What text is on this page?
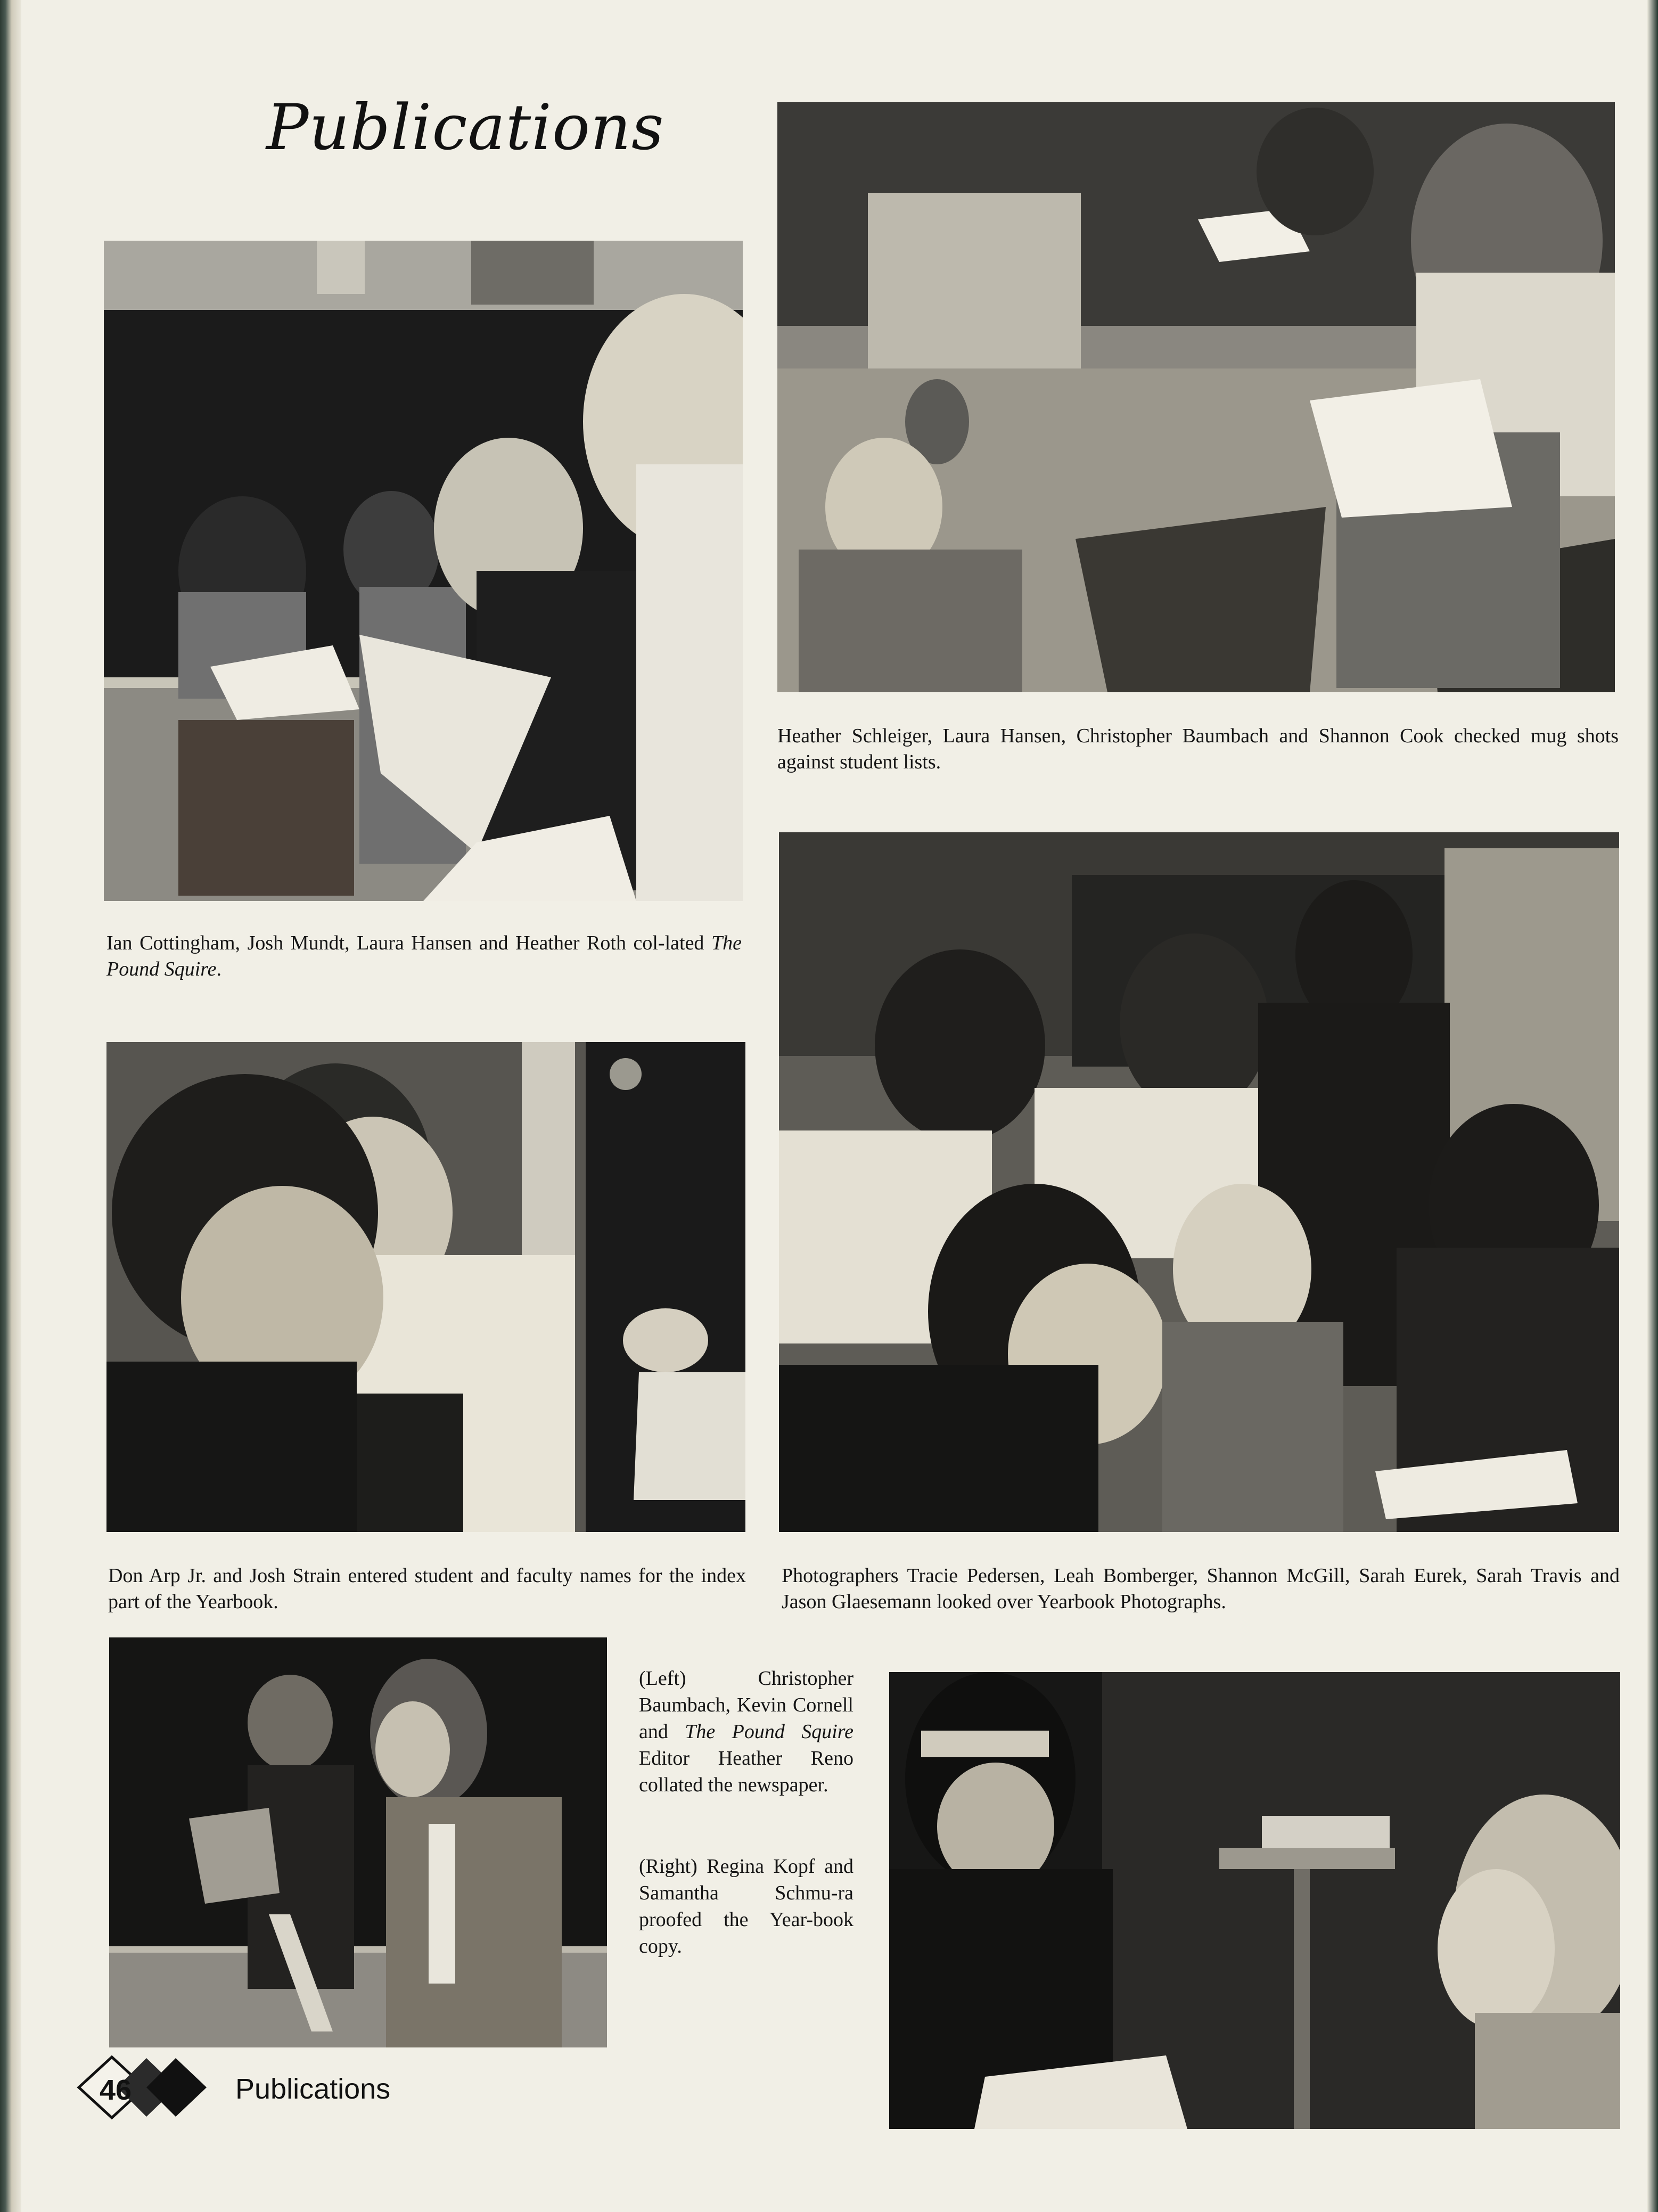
Publications
Ian Cottingham, Josh Mundt, Laura Hansen and Heather Roth col-lated The Pound Squire.
Heather Schleiger, Laura Hansen, Christopher Baumbach and Shannon Cook checked mug shots against student lists.
Don Arp Jr. and Josh Strain entered student and faculty names for the index part of the Yearbook.
Photographers Tracie Pedersen, Leah Bomberger, Shannon McGill, Sarah Eurek, Sarah Travis and Jason Glaesemann looked over Yearbook Photographs.
(Left) Christopher Baumbach, Kevin Cornell and The Pound Squire Editor Heather Reno collated the newspaper.
(Right) Regina Kopf and Samantha Schmu-ra proofed the Year-book copy.
46	Publications
